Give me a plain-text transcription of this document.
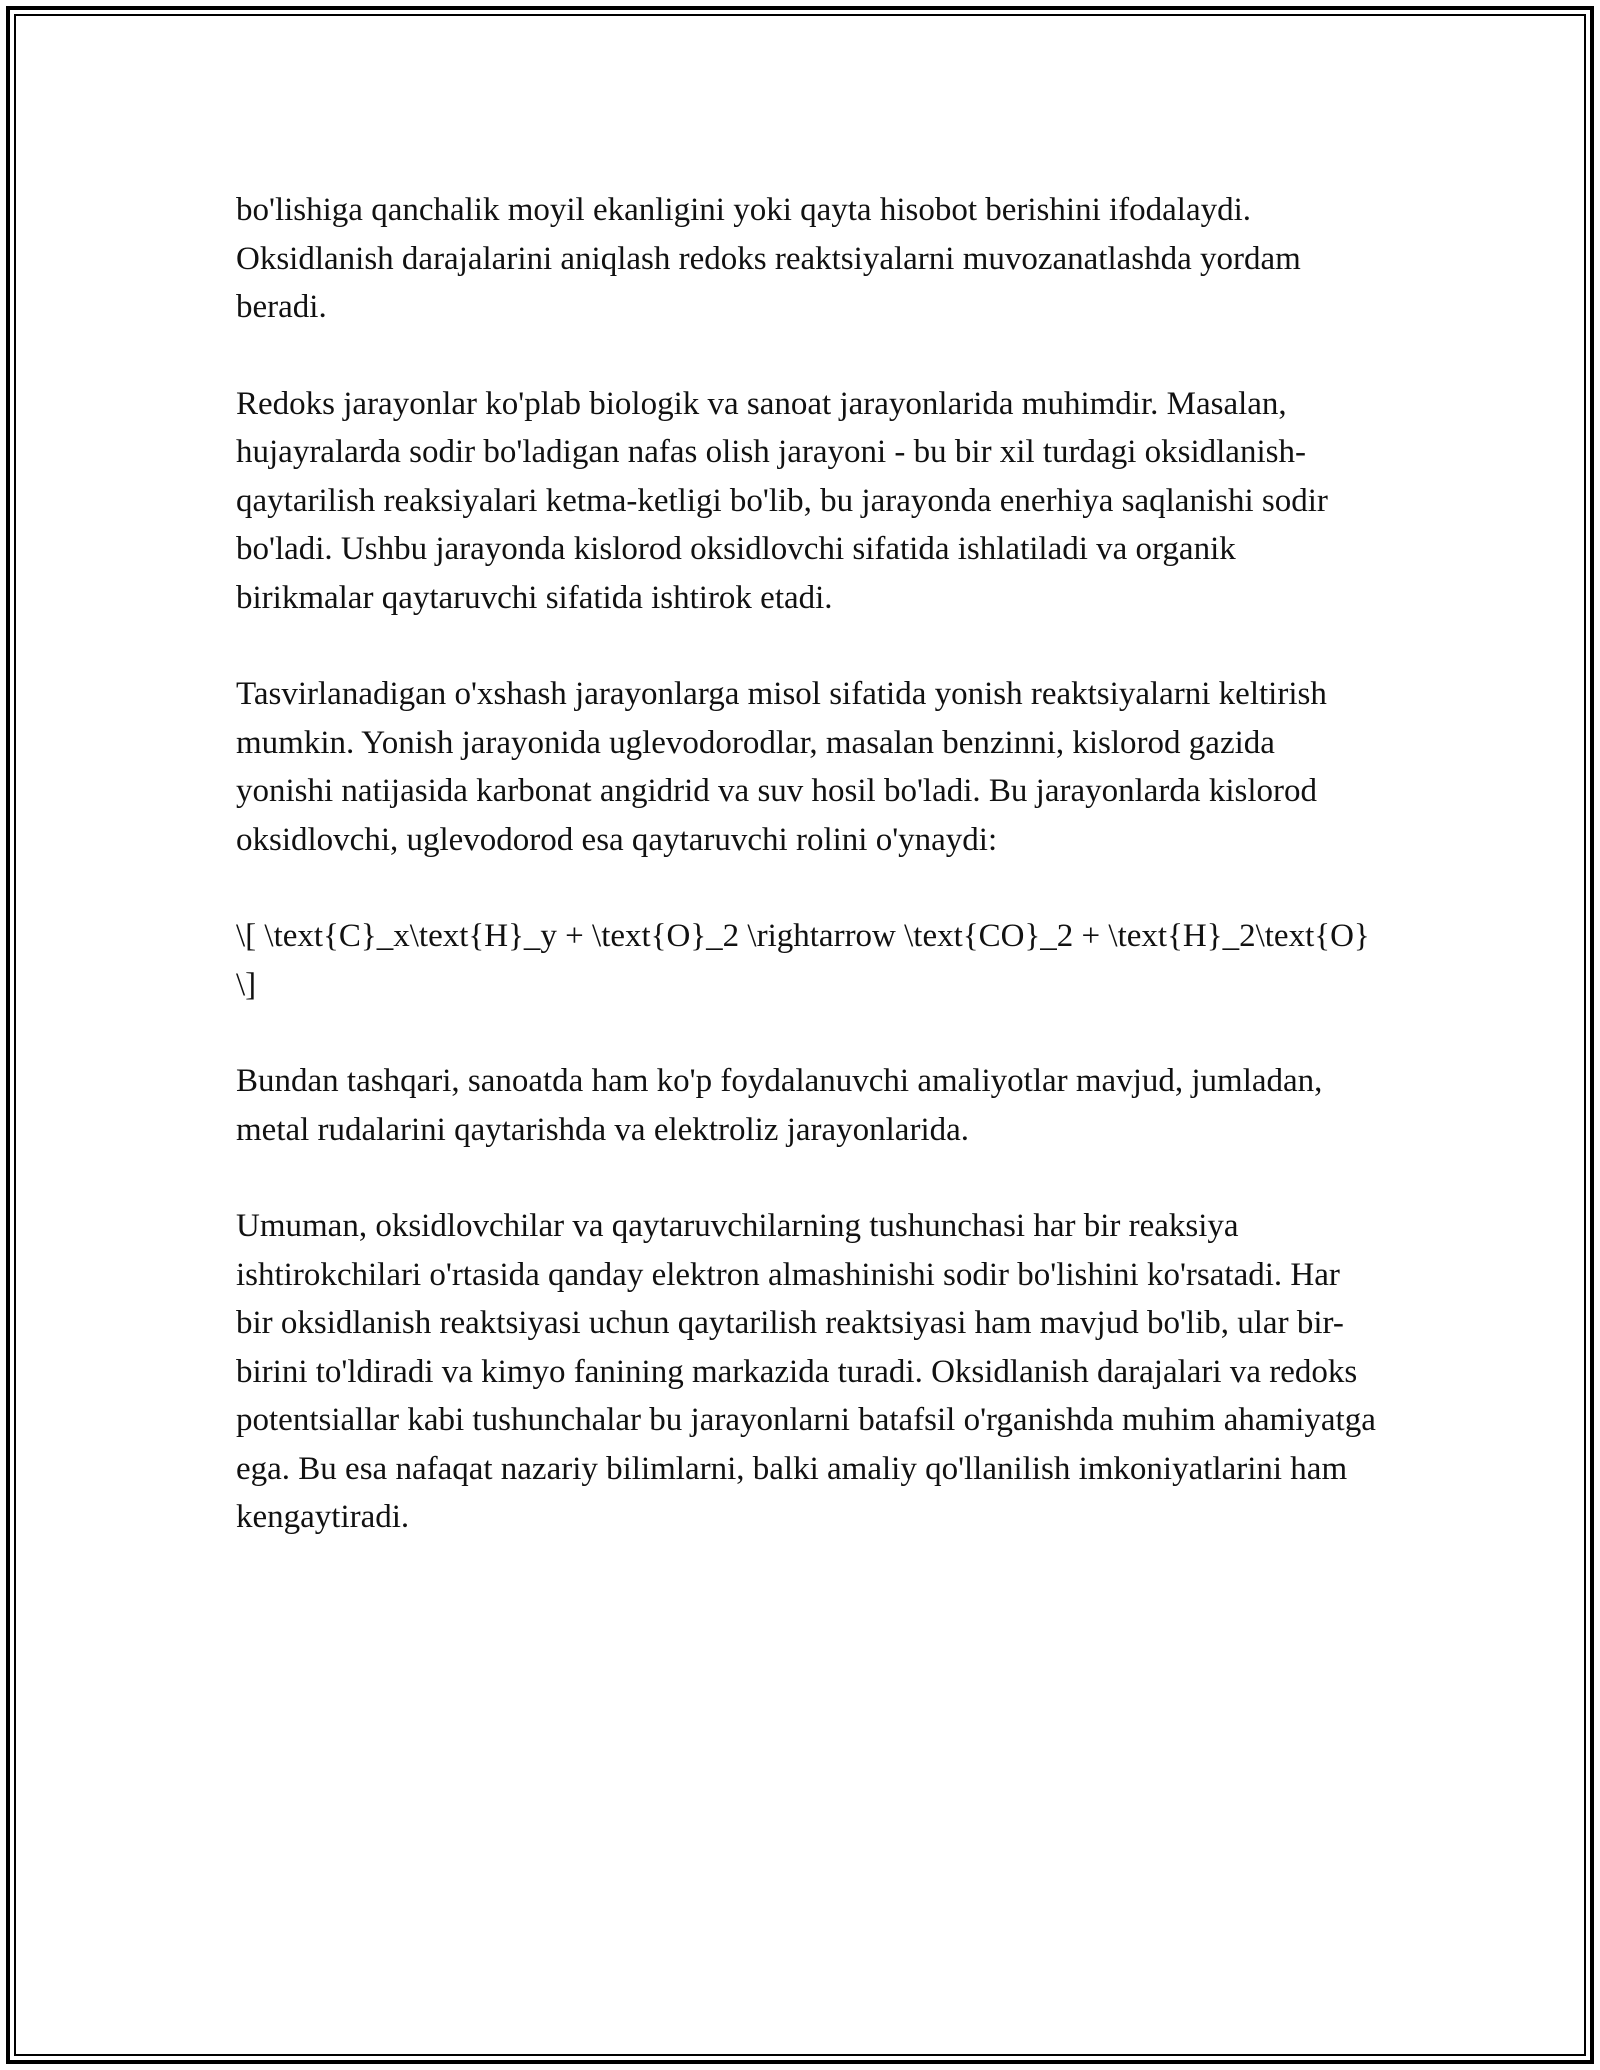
bo'lishiga qanchalik moyil ekanligini yoki qayta hisobot berishini ifodalaydi. Oksidlanish darajalarini aniqlash redoks reaktsiyalarni muvozanatlashda yordam beradi.

Redoks jarayonlar ko'plab biologik va sanoat jarayonlarida muhimdir. Masalan, hujayralarda sodir bo'ladigan nafas olish jarayoni - bu bir xil turdagi oksidlanish-qaytarilish reaksiyalari ketma-ketligi bo'lib, bu jarayonda enerhiya saqlanishi sodir bo'ladi. Ushbu jarayonda kislorod oksidlovchi sifatida ishlatiladi va organik birikmalar qaytaruvchi sifatida ishtirok etadi.

Tasvirlanadigan o'xshash jarayonlarga misol sifatida yonish reaktsiyalarni keltirish mumkin. Yonish jarayonida uglevodorodlar, masalan benzinni, kislorod gazida yonishi natijasida karbonat angidrid va suv hosil bo'ladi. Bu jarayonlarda kislorod oksidlovchi, uglevodorod esa qaytaruvchi rolini o'ynaydi:

\[ \text{C}_x\text{H}_y + \text{O}_2 \rightarrow \text{CO}_2 + \text{H}_2\text{O} \]

Bundan tashqari, sanoatda ham ko'p foydalanuvchi amaliyotlar mavjud, jumladan, metal rudalarini qaytarishda va elektroliz jarayonlarida.

Umuman, oksidlovchilar va qaytaruvchilarning tushunchasi har bir reaksiya ishtirokchilari o'rtasida qanday elektron almashinishi sodir bo'lishini ko'rsatadi. Har bir oksidlanish reaktsiyasi uchun qaytarilish reaktsiyasi ham mavjud bo'lib, ular bir-birini to'ldiradi va kimyo fanining markazida turadi. Oksidlanish darajalari va redoks potentsiallar kabi tushunchalar bu jarayonlarni batafsil o'rganishda muhim ahamiyatga ega. Bu esa nafaqat nazariy bilimlarni, balki amaliy qo'llanilish imkoniyatlarini ham kengaytiradi.
